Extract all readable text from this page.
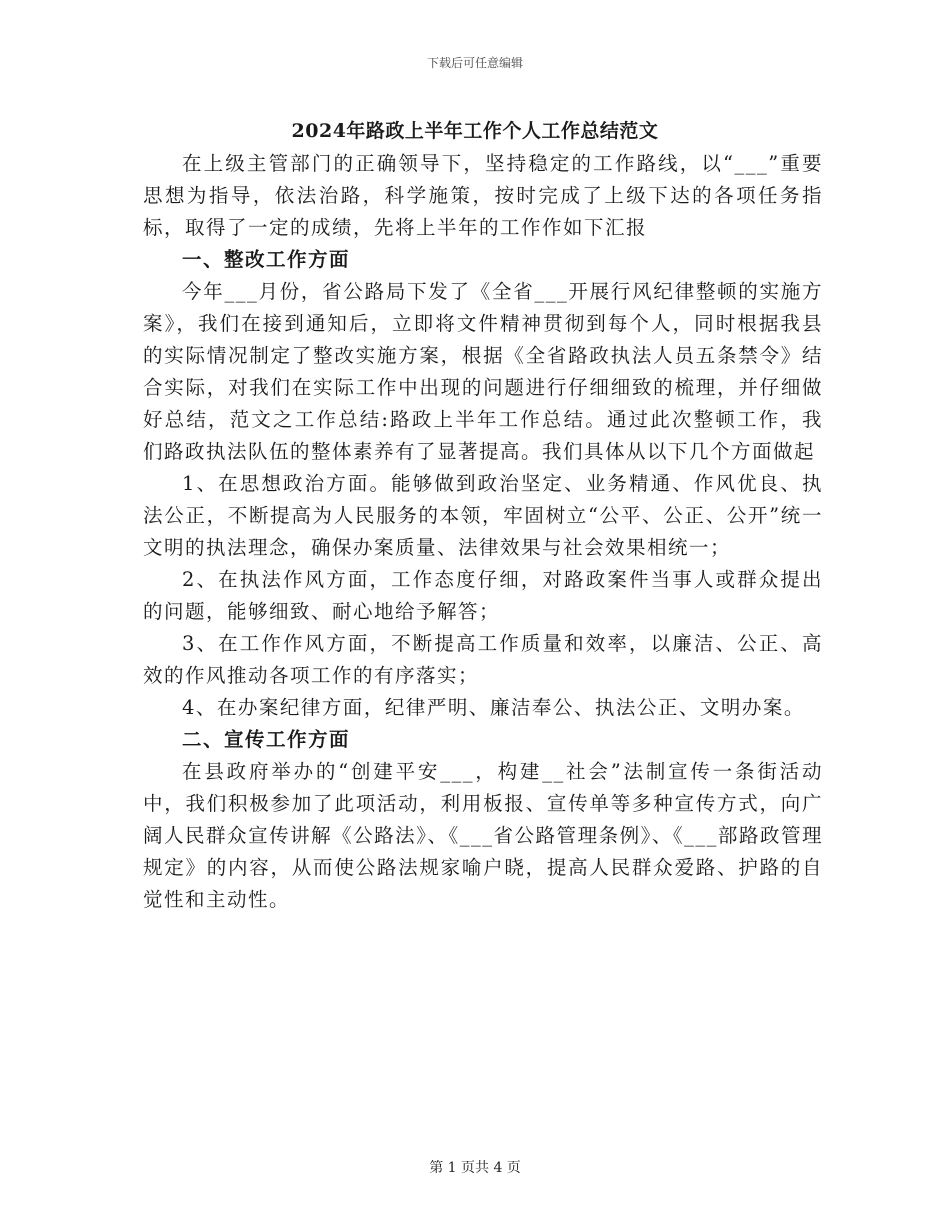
下载后可任意编辑
2024年路政上半年工作个人工作总结范文

在上级主管部门的正确领导下，坚持稳定的工作路线，以“___”重要思想为指导，依法治路，科学施策，按时完成了上级下达的各项任务指标，取得了一定的成绩，先将上半年的工作作如下汇报

一、整改工作方面

今年___月份，省公路局下发了《全省___开展行风纪律整顿的实施方案》，我们在接到通知后，立即将文件精神贯彻到每个人，同时根据我县的实际情况制定了整改实施方案，根据《全省路政执法人员五条禁令》结合实际，对我们在实际工作中出现的问题进行仔细细致的梳理，并仔细做好总结，范文之工作总结:路政上半年工作总结。通过此次整顿工作，我们路政执法队伍的整体素养有了显著提高。我们具体从以下几个方面做起

1、在思想政治方面。能够做到政治坚定、业务精通、作风优良、执法公正，不断提高为人民服务的本领，牢固树立“公平、公正、公开”统一文明的执法理念，确保办案质量、法律效果与社会效果相统一；

2、在执法作风方面，工作态度仔细，对路政案件当事人或群众提出的问题，能够细致、耐心地给予解答；

3、在工作作风方面，不断提高工作质量和效率，以廉洁、公正、高效的作风推动各项工作的有序落实；

4、在办案纪律方面，纪律严明、廉洁奉公、执法公正、文明办案。

二、宣传工作方面

在县政府举办的“创建平安___，构建__社会”法制宣传一条街活动中，我们积极参加了此项活动，利用板报、宣传单等多种宣传方式，向广阔人民群众宣传讲解《公路法》、《___省公路管理条例》、《___部路政管理规定》的内容，从而使公路法规家喻户晓，提高人民群众爱路、护路的自觉性和主动性。

第 1 页共 4 页
